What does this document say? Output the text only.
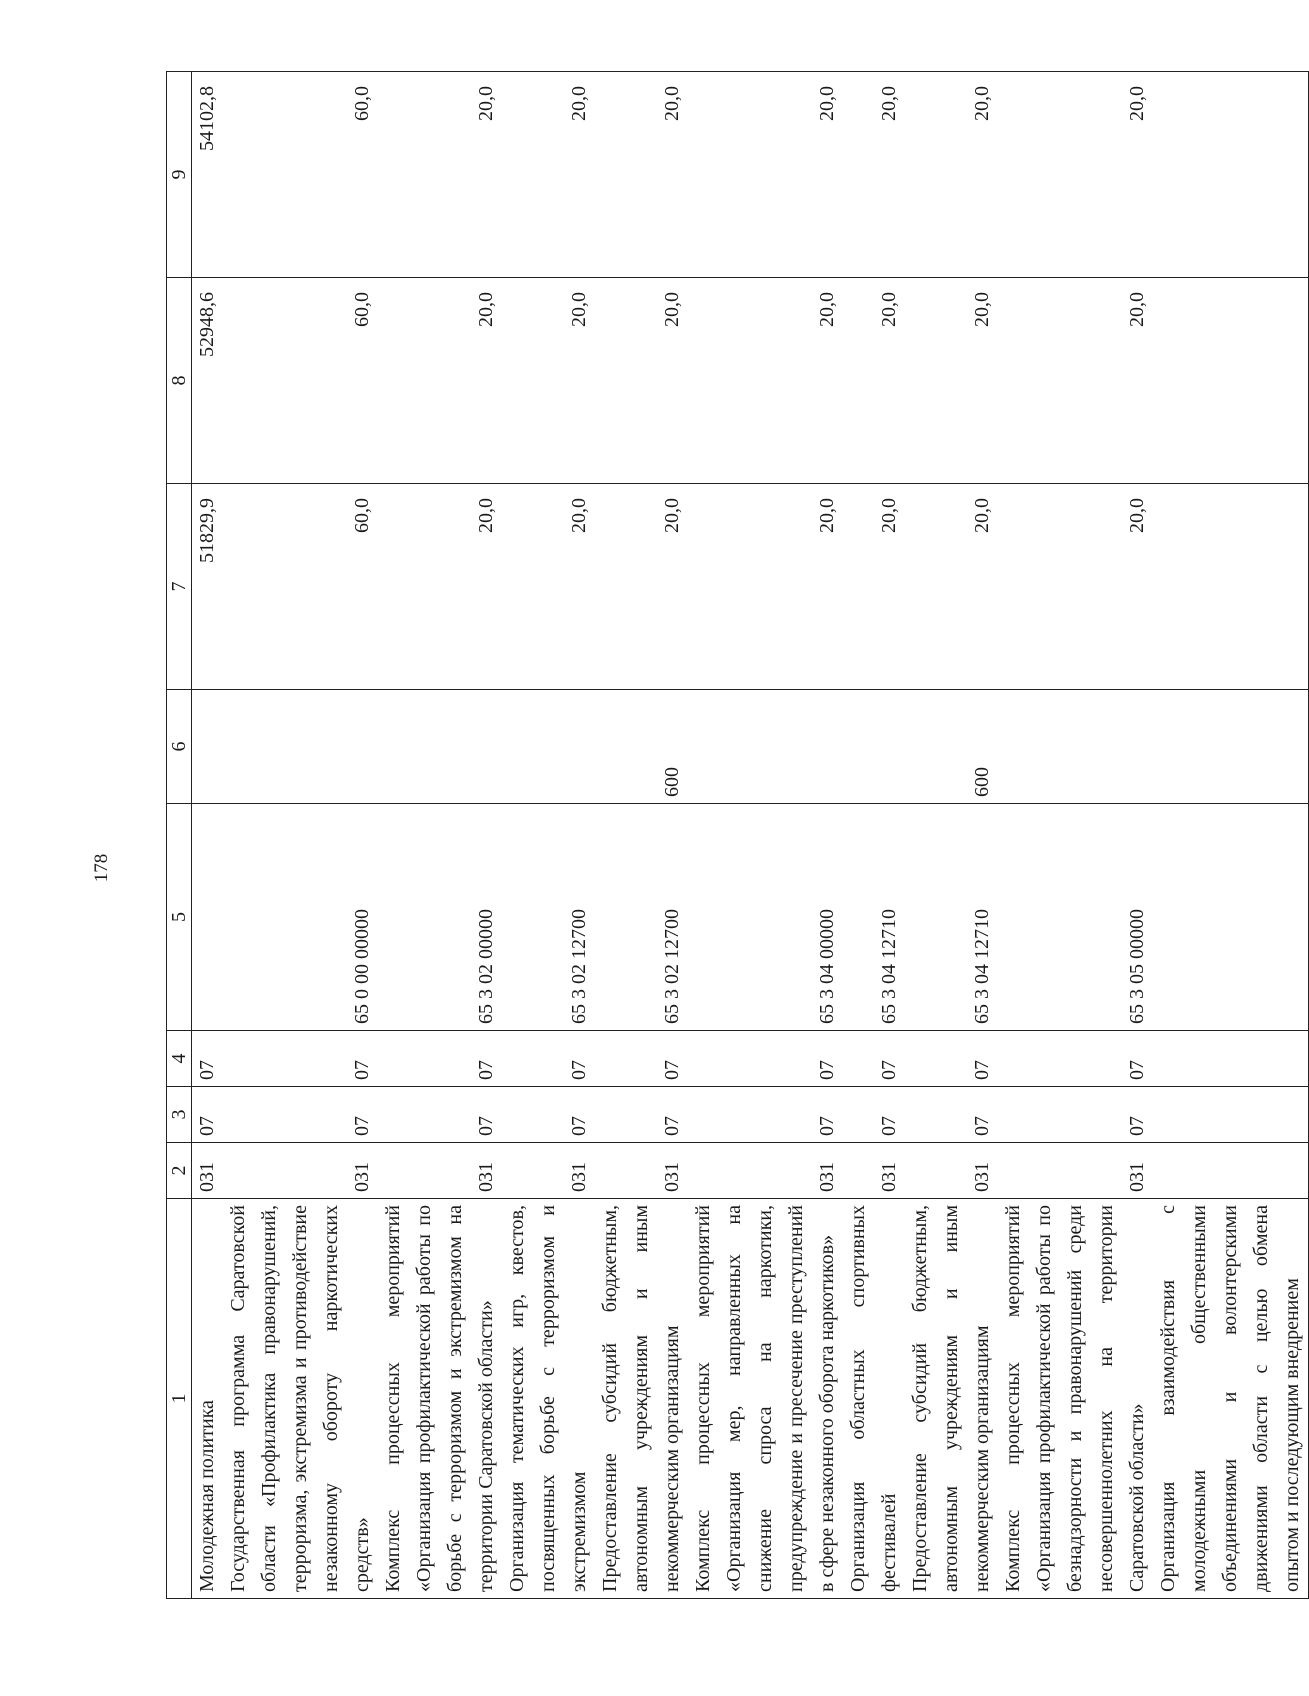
178
1	2	3	4	5	6	7	8	9
Молодежная политика	031	07	07			51829,9	52948,6	54102,8
Государственная программа Саратовской области «Профилактика правонарушений, терроризма, экстремизма и противодействие незаконному обороту наркотических средств»	031	07	07	65 0 00 00000		60,0	60,0	60,0
Комплекс процессных мероприятий «Организация профилактической работы по борьбе с терроризмом и экстремизмом на территории Саратовской области»	031	07	07	65 3 02 00000		20,0	20,0	20,0
Организация тематических игр, квестов, посвященных борьбе с терроризмом и экстремизмом	031	07	07	65 3 02 12700		20,0	20,0	20,0
Предоставление субсидий бюджетным, автономным учреждениям и иным некоммерческим организациям	031	07	07	65 3 02 12700	600	20,0	20,0	20,0
Комплекс процессных мероприятий «Организация мер, направленных на снижение спроса на наркотики, предупреждение и пресечение преступлений в сфере незаконного оборота наркотиков»	031	07	07	65 3 04 00000		20,0	20,0	20,0
Организация областных спортивных фестивалей	031	07	07	65 3 04 12710		20,0	20,0	20,0
Предоставление субсидий бюджетным, автономным учреждениям и иным некоммерческим организациям	031	07	07	65 3 04 12710	600	20,0	20,0	20,0
Комплекс процессных мероприятий «Организация профилактической работы по безнадзорности и правонарушений среди несовершеннолетних на территории Саратовской области»	031	07	07	65 3 05 00000		20,0	20,0	20,0
Организация взаимодействия с молодежными общественными объединениями и волонтерскими движениями области с целью обмена опытом и последующим внедрением								
